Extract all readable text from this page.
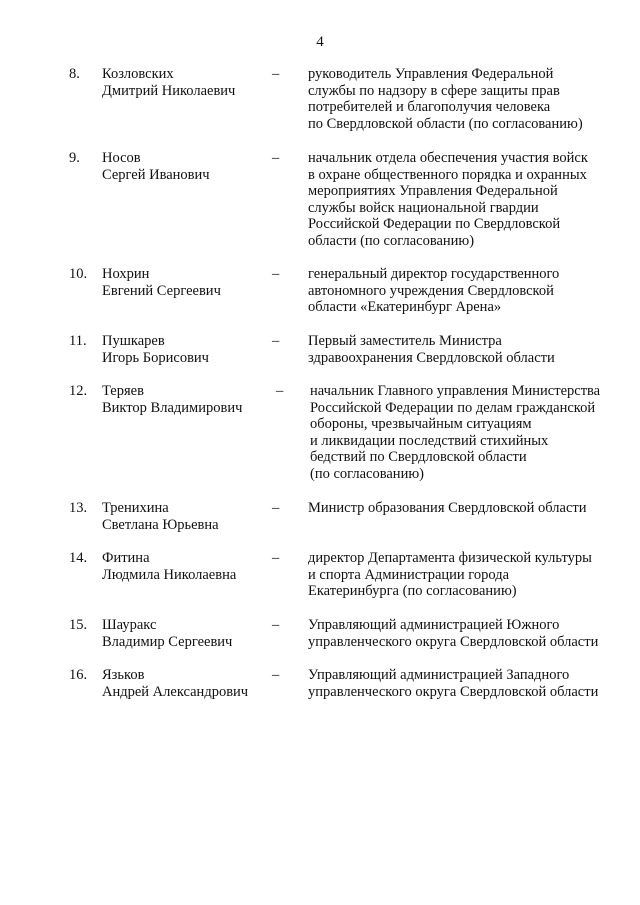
4
8. Козловских
Дмитрий Николаевич
– руководитель Управления Федеральной
службы по надзору в сфере защиты прав
потребителей и благополучия человека
по Свердловской области (по согласованию)
9. Носов
Сергей Иванович
– начальник отдела обеспечения участия войск
в охране общественного порядка и охранных
мероприятиях Управления Федеральной
службы войск национальной гвардии
Российской Федерации по Свердловской
области (по согласованию)
10. Нохрин
Евгений Сергеевич
– генеральный директор государственного
автономного учреждения Свердловской
области «Екатеринбург Арена»
11. Пушкарев
Игорь Борисович
– Первый заместитель Министра
здравоохранения Свердловской области
12. Теряев
Виктор Владимирович
– начальник Главного управления Министерства
Российской Федерации по делам гражданской
обороны, чрезвычайным ситуациям
и ликвидации последствий стихийных
бедствий по Свердловской области
(по согласованию)
13. Тренихина
Светлана Юрьевна
– Министр образования Свердловской области
14. Фитина
Людмила Николаевна
– директор Департамента физической культуры
и спорта Администрации города
Екатеринбурга (по согласованию)
15. Шауракс
Владимир Сергеевич
– Управляющий администрацией Южного
управленческого округа Свердловской области
16. Язьков
Андрей Александрович
– Управляющий администрацией Западного
управленческого округа Свердловской области
